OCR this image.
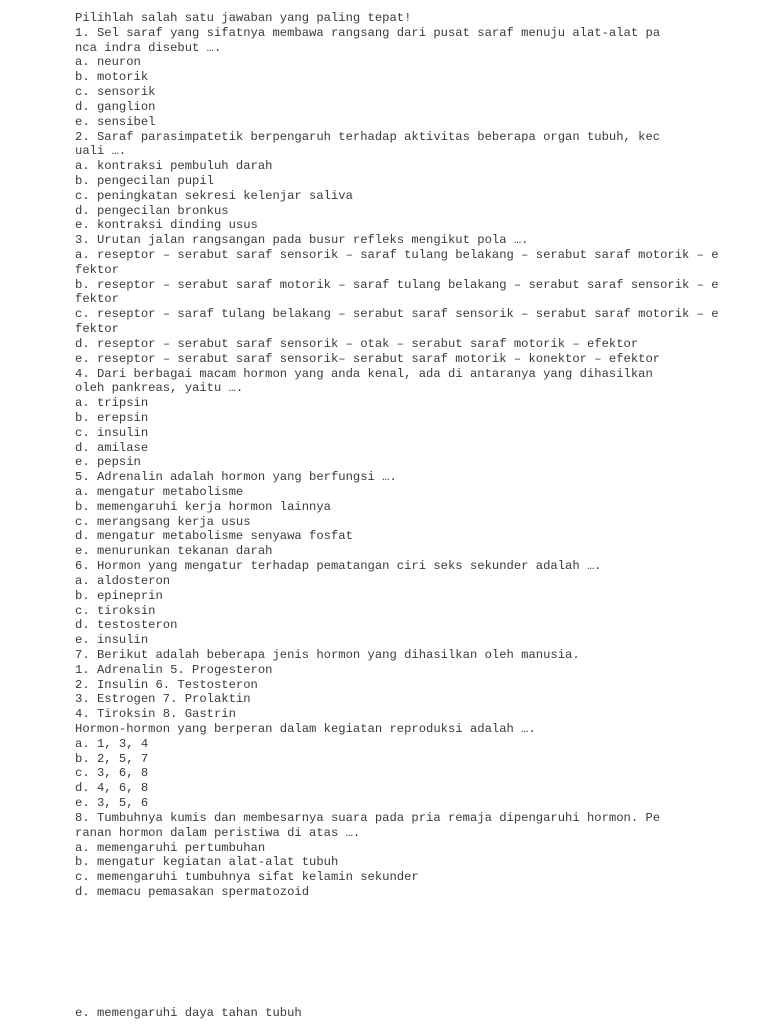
Pilihlah salah satu jawaban yang paling tepat!
1. Sel saraf yang sifatnya membawa rangsang dari pusat saraf menuju alat-alat pa
nca indra disebut ….
a. neuron
b. motorik
c. sensorik
d. ganglion
e. sensibel
2. Saraf parasimpatetik berpengaruh terhadap aktivitas beberapa organ tubuh, kec
uali ….
a. kontraksi pembuluh darah
b. pengecilan pupil
c. peningkatan sekresi kelenjar saliva
d. pengecilan bronkus
e. kontraksi dinding usus
3. Urutan jalan rangsangan pada busur refleks mengikut pola ….
a. reseptor – serabut saraf sensorik – saraf tulang belakang – serabut saraf motorik – e
fektor
b. reseptor – serabut saraf motorik – saraf tulang belakang – serabut saraf sensorik – e
fektor
c. reseptor – saraf tulang belakang – serabut saraf sensorik – serabut saraf motorik – e
fektor
d. reseptor – serabut saraf sensorik – otak – serabut saraf motorik – efektor
e. reseptor – serabut saraf sensorik– serabut saraf motorik – konektor – efektor
4. Dari berbagai macam hormon yang anda kenal, ada di antaranya yang dihasilkan
oleh pankreas, yaitu ….
a. tripsin
b. erepsin
c. insulin
d. amilase
e. pepsin
5. Adrenalin adalah hormon yang berfungsi ….
a. mengatur metabolisme
b. memengaruhi kerja hormon lainnya
c. merangsang kerja usus
d. mengatur metabolisme senyawa fosfat
e. menurunkan tekanan darah
6. Hormon yang mengatur terhadap pematangan ciri seks sekunder adalah ….
a. aldosteron
b. epineprin
c. tiroksin
d. testosteron
e. insulin
7. Berikut adalah beberapa jenis hormon yang dihasilkan oleh manusia.
1. Adrenalin 5. Progesteron
2. Insulin 6. Testosteron
3. Estrogen 7. Prolaktin
4. Tiroksin 8. Gastrin
Hormon-hormon yang berperan dalam kegiatan reproduksi adalah ….
a. 1, 3, 4
b. 2, 5, 7
c. 3, 6, 8
d. 4, 6, 8
e. 3, 5, 6
8. Tumbuhnya kumis dan membesarnya suara pada pria remaja dipengaruhi hormon. Pe
ranan hormon dalam peristiwa di atas ….
a. memengaruhi pertumbuhan
b. mengatur kegiatan alat-alat tubuh
c. memengaruhi tumbuhnya sifat kelamin sekunder
d. memacu pemasakan spermatozoid
e. memengaruhi daya tahan tubuh
